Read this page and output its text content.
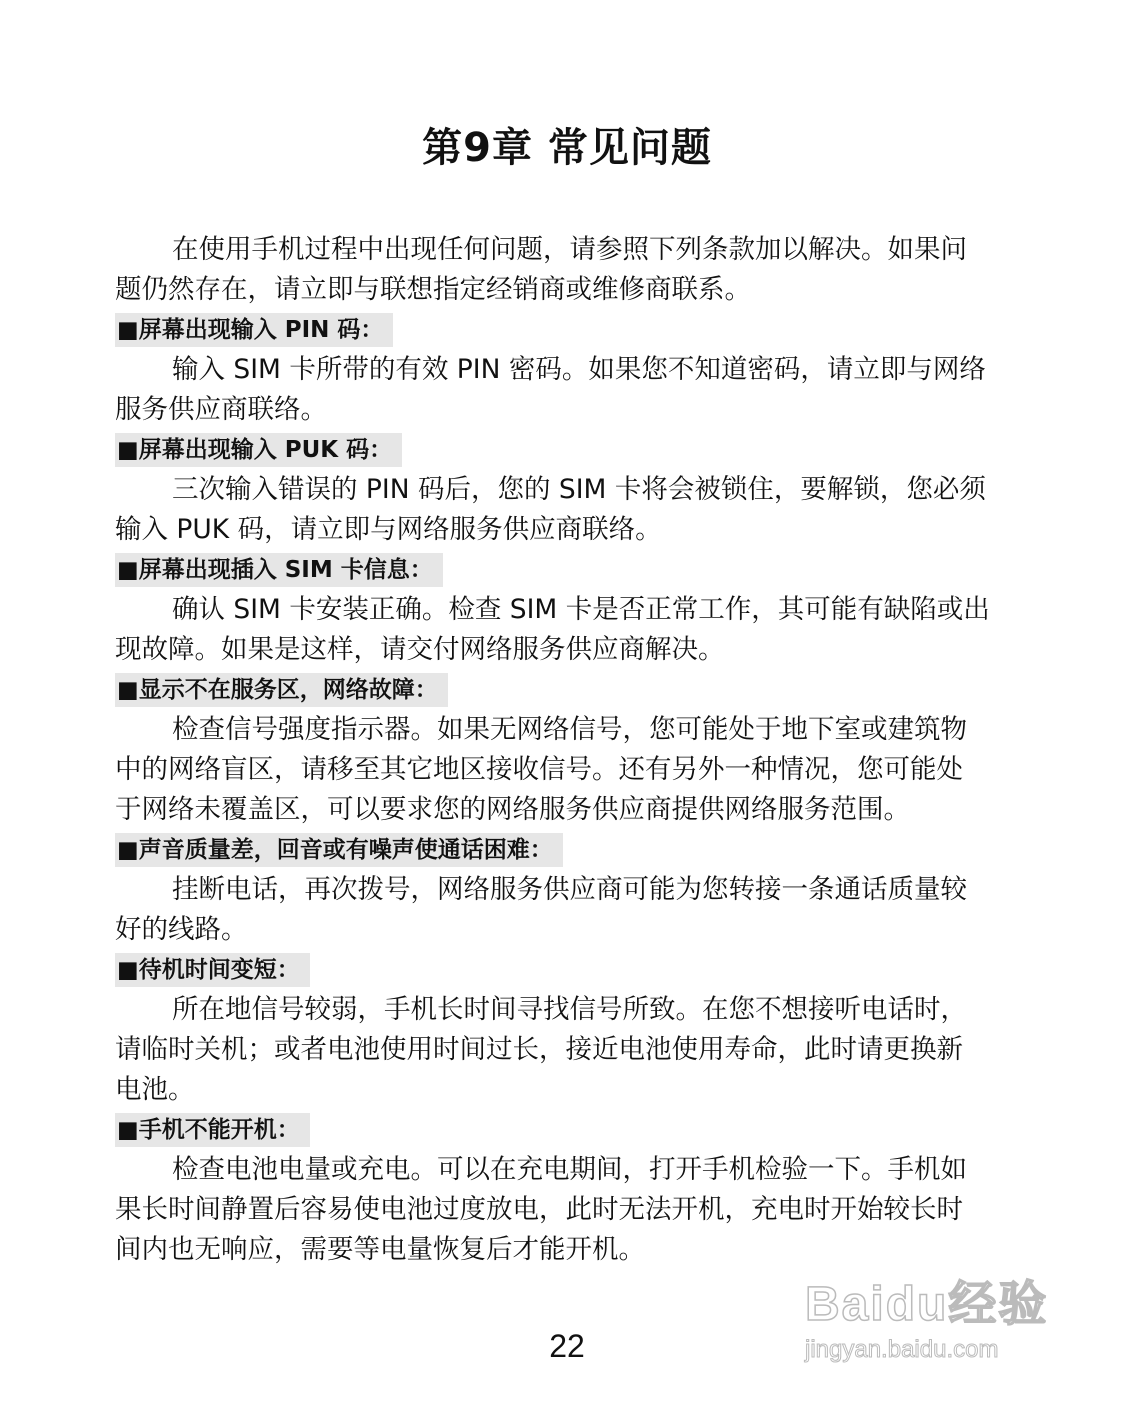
第9章 常见问题
在使用手机过程中出现任何问题，请参照下列条款加以解决。如果问
题仍然存在，请立即与联想指定经销商或维修商联系。
■屏幕出现输入 PIN 码：
输入 SIM 卡所带的有效 PIN 密码。如果您不知道密码，请立即与网络
服务供应商联络。
■屏幕出现输入 PUK 码：
三次输入错误的 PIN 码后，您的 SIM 卡将会被锁住，要解锁，您必须
输入 PUK 码，请立即与网络服务供应商联络。
■屏幕出现插入 SIM 卡信息：
确认 SIM 卡安装正确。检查 SIM 卡是否正常工作，其可能有缺陷或出
现故障。如果是这样，请交付网络服务供应商解决。
■显示不在服务区，网络故障：
检查信号强度指示器。如果无网络信号，您可能处于地下室或建筑物
中的网络盲区，请移至其它地区接收信号。还有另外一种情况，您可能处
于网络未覆盖区，可以要求您的网络服务供应商提供网络服务范围。
■声音质量差，回音或有噪声使通话困难：
挂断电话，再次拨号，网络服务供应商可能为您转接一条通话质量较
好的线路。
■待机时间变短：
所在地信号较弱，手机长时间寻找信号所致。在您不想接听电话时，
请临时关机；或者电池使用时间过长，接近电池使用寿命，此时请更换新
电池。
■手机不能开机：
检查电池电量或充电。可以在充电期间，打开手机检验一下。手机如
果长时间静置后容易使电池过度放电，此时无法开机，充电时开始较长时
间内也无响应，需要等电量恢复后才能开机。
22
Baidu经验
jingyan.baidu.com
